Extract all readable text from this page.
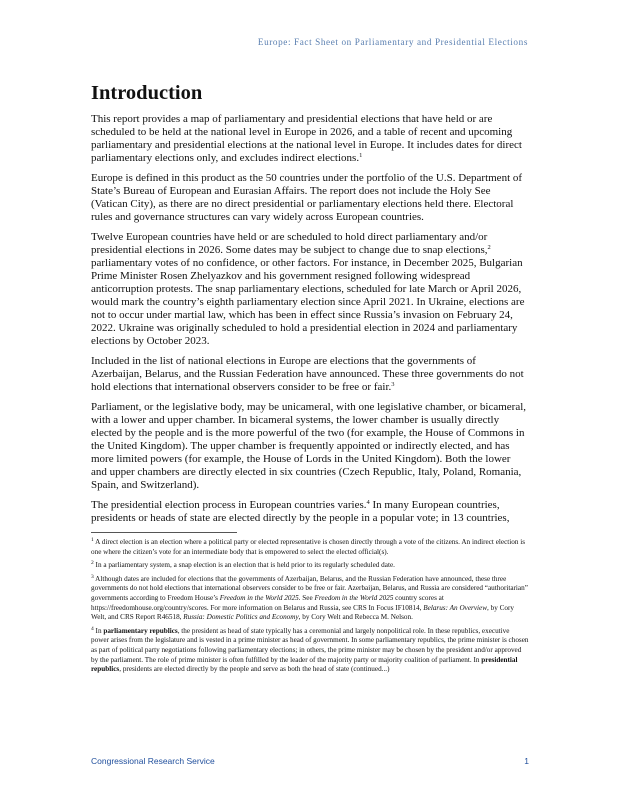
Europe: Fact Sheet on Parliamentary and Presidential Elections
Introduction

This report provides a map of parliamentary and presidential elections that have held or are scheduled to be held at the national level in Europe in 2026, and a table of recent and upcoming parliamentary and presidential elections at the national level in Europe. It includes dates for direct parliamentary elections only, and excludes indirect elections.$^1$

Europe is defined in this product as the 50 countries under the portfolio of the U.S. Department of State’s Bureau of European and Eurasian Affairs. The report does not include the Holy See (Vatican City), as there are no direct presidential or parliamentary elections held there. Electoral rules and governance structures can vary widely across European countries.

Twelve European countries have held or are scheduled to hold direct parliamentary and/or presidential elections in 2026. Some dates may be subject to change due to snap elections,$^2$ parliamentary votes of no confidence, or other factors. For instance, in December 2025, Bulgarian Prime Minister Rosen Zhelyazkov and his government resigned following widespread anticorruption protests. The snap parliamentary elections, scheduled for late March or April 2026, would mark the country’s eighth parliamentary election since April 2021. In Ukraine, elections are not to occur under martial law, which has been in effect since Russia’s invasion on February 24, 2022. Ukraine was originally scheduled to hold a presidential election in 2024 and parliamentary elections by October 2023.

Included in the list of national elections in Europe are elections that the governments of Azerbaijan, Belarus, and the Russian Federation have announced. These three governments do not hold elections that international observers consider to be free or fair.$^3$

Parliament, or the legislative body, may be unicameral, with one legislative chamber, or bicameral, with a lower and upper chamber. In bicameral systems, the lower chamber is usually directly elected by the people and is the more powerful of the two (for example, the House of Commons in the United Kingdom). The upper chamber is frequently appointed or indirectly elected, and has more limited powers (for example, the House of Lords in the United Kingdom). Both the lower and upper chambers are directly elected in six countries (Czech Republic, Italy, Poland, Romania, Spain, and Switzerland).

The presidential election process in European countries varies.$^4$ In many European countries, presidents or heads of state are elected directly by the people in a popular vote; in 13 countries,

$^1$ A direct election is an election where a political party or elected representative is chosen directly through a vote of the citizens. An indirect election is one where the citizen’s vote for an intermediate body that is empowered to select the elected official(s).

$^2$ In a parliamentary system, a snap election is an election that is held prior to its regularly scheduled date.

$^3$ Although dates are included for elections that the governments of Azerbaijan, Belarus, and the Russian Federation have announced, these three governments do not hold elections that international observers consider to be free or fair. Azerbaijan, Belarus, and Russia are considered “authoritarian” governments according to Freedom House’s Freedom in the World 2025. See Freedom in the World 2025 country scores at https://freedomhouse.org/country/scores. For more information on Belarus and Russia, see CRS In Focus IF10814, Belarus: An Overview, by Cory Welt, and CRS Report R46518, Russia: Domestic Politics and Economy, by Cory Welt and Rebecca M. Nelson.

$^4$ In parliamentary republics, the president as head of state typically has a ceremonial and largely nonpolitical role. In these republics, executive power arises from the legislature and is vested in a prime minister as head of government. In some parliamentary republics, the prime minister is chosen as part of political party negotiations following parliamentary elections; in others, the prime minister may be chosen by the president and/or approved by the parliament. The role of prime minister is often fulfilled by the leader of the majority party or majority coalition of parliament. In presidential republics, presidents are elected directly by the people and serve as both the head of state (continued...)

Congressional Research Service	1
